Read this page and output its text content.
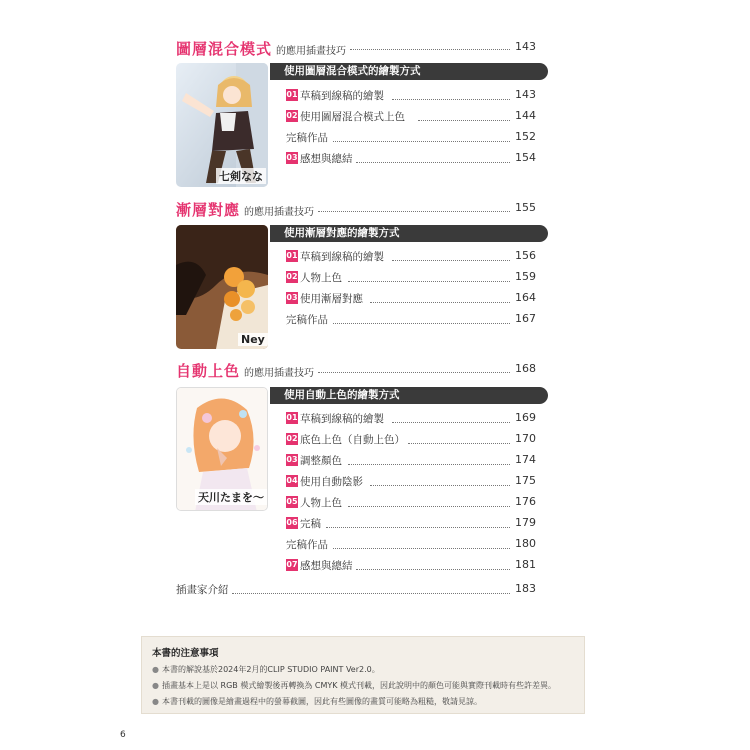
圖層混合模式 的應用插畫技巧	143
七剣なな
使用圖層混合模式的繪製方式
01 草稿到線稿的繪製	143
02 使用圖層混合模式上色	144
完稿作品	152
03 感想與總結	154
漸層對應 的應用插畫技巧	155
Ney
使用漸層對應的繪製方式
01 草稿到線稿的繪製	156
02 人物上色	159
03 使用漸層對應	164
完稿作品	167
自動上色 的應用插畫技巧	168
天川たまを〜
使用自動上色的繪製方式
01 草稿到線稿的繪製	169
02 底色上色（自動上色）	170
03 調整顏色	174
04 使用自動陰影	175
05 人物上色	176
06 完稿	179
完稿作品	180
07 感想與總結	181
插畫家介紹	183
本書的注意事項
● 本書的解說基於2024年2月的CLIP STUDIO PAINT Ver2.0。
● 插畫基本上是以 RGB 模式繪製後再轉換為 CMYK 模式刊載，因此說明中的顏色可能與實際刊載時有些許差異。
● 本書刊載的圖像是繪畫過程中的螢幕截圖，因此有些圖像的畫質可能略為粗糙，敬請見諒。
6
